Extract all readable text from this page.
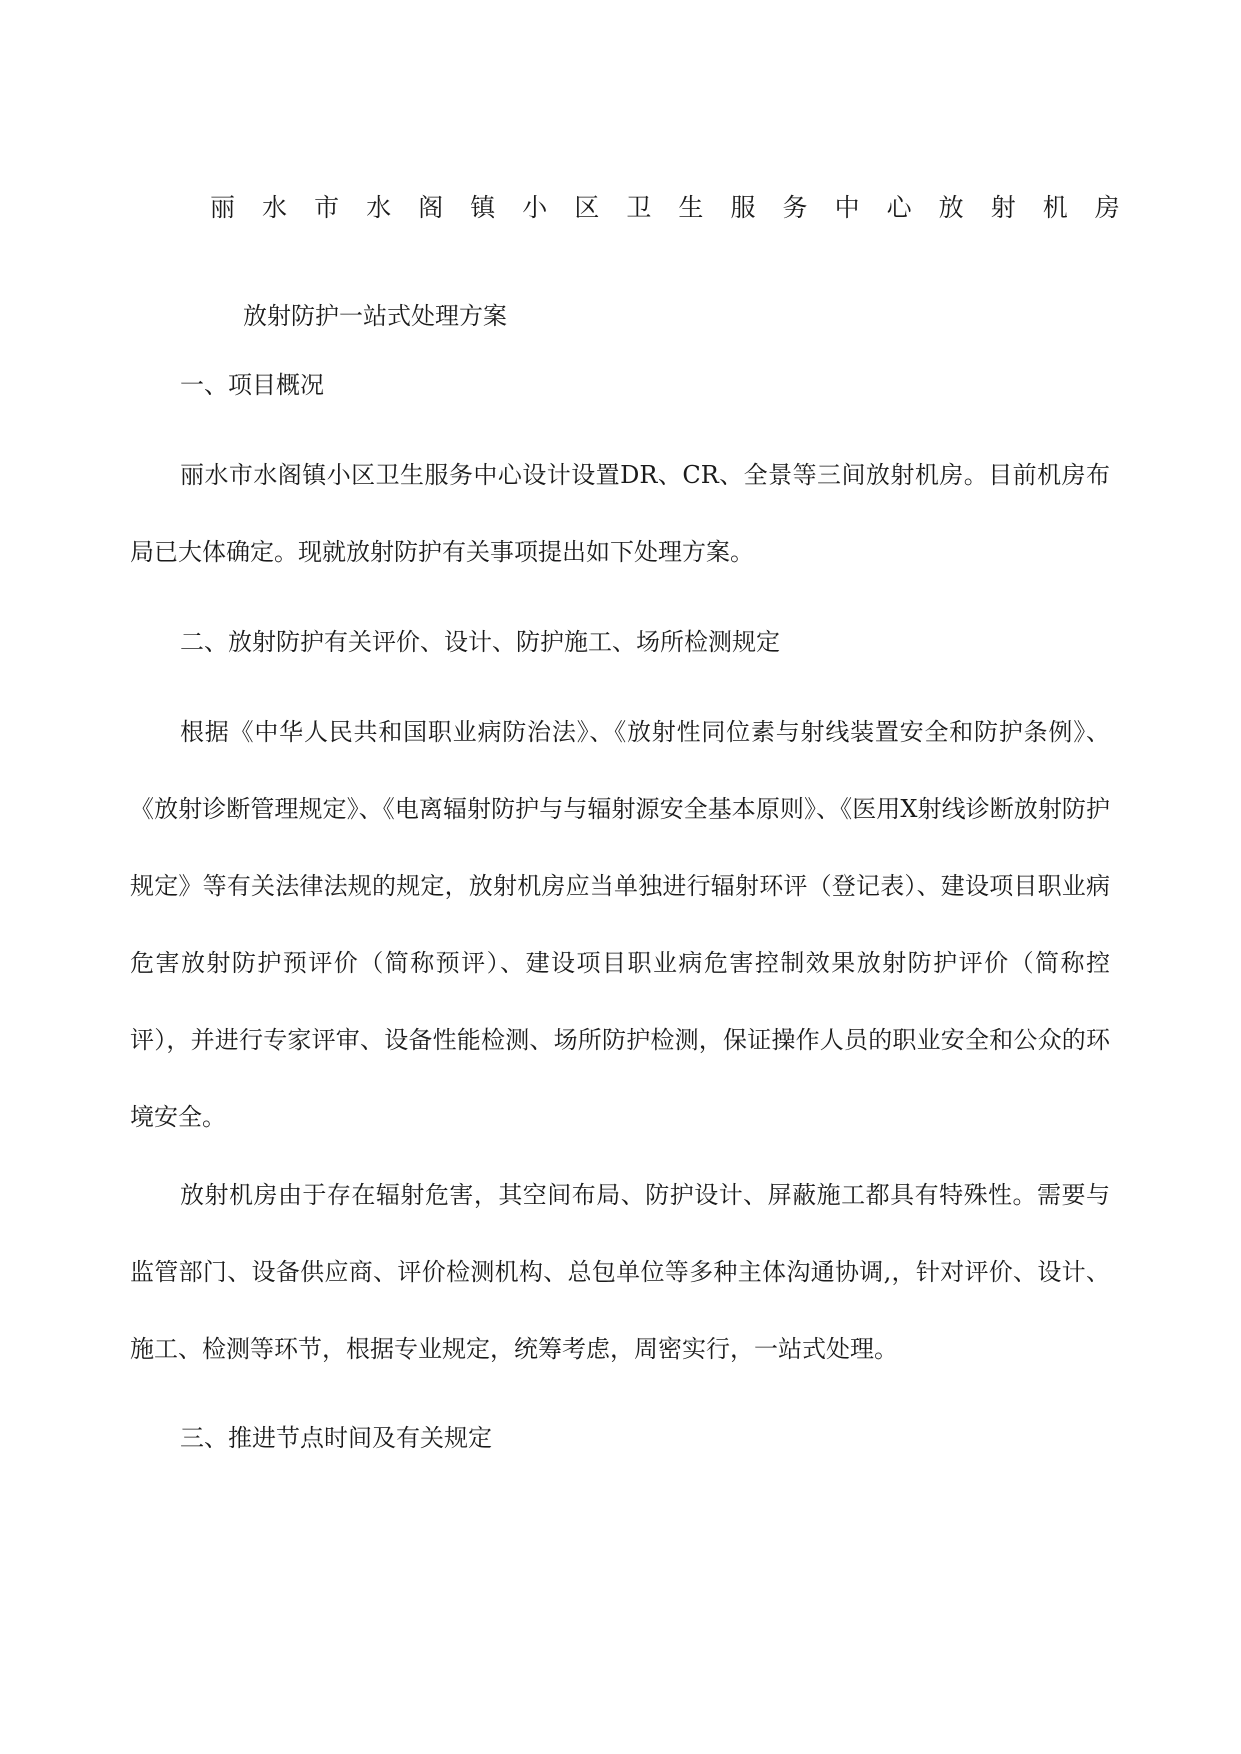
丽 水 市 水 阁 镇 小 区 卫 生 服 务 中 心 放 射 机 房
放射防护一站式处理方案
一、项目概况

丽水市水阁镇小区卫生服务中心设计设置DR、CR、全景等三间放射机房。目前机房布局已大体确定。现就放射防护有关事项提出如下处理方案。

二、放射防护有关评价、设计、防护施工、场所检测规定

根据《中华人民共和国职业病防治法》、《放射性同位素与射线装置安全和防护条例》、《放射诊断管理规定》、《电离辐射防护与与辐射源安全基本原则》、《医用X射线诊断放射防护规定》等有关法律法规的规定，放射机房应当单独进行辐射环评（登记表）、建设项目职业病危害放射防护预评价（简称预评）、建设项目职业病危害控制效果放射防护评价（简称控评），并进行专家评审、设备性能检测、场所防护检测，保证操作人员的职业安全和公众的环境安全。

放射机房由于存在辐射危害，其空间布局、防护设计、屏蔽施工都具有特殊性。需要与监管部门、设备供应商、评价检测机构、总包单位等多种主体沟通协调,，针对评价、设计、施工、检测等环节，根据专业规定，统筹考虑，周密实行，一站式处理。

三、推进节点时间及有关规定
